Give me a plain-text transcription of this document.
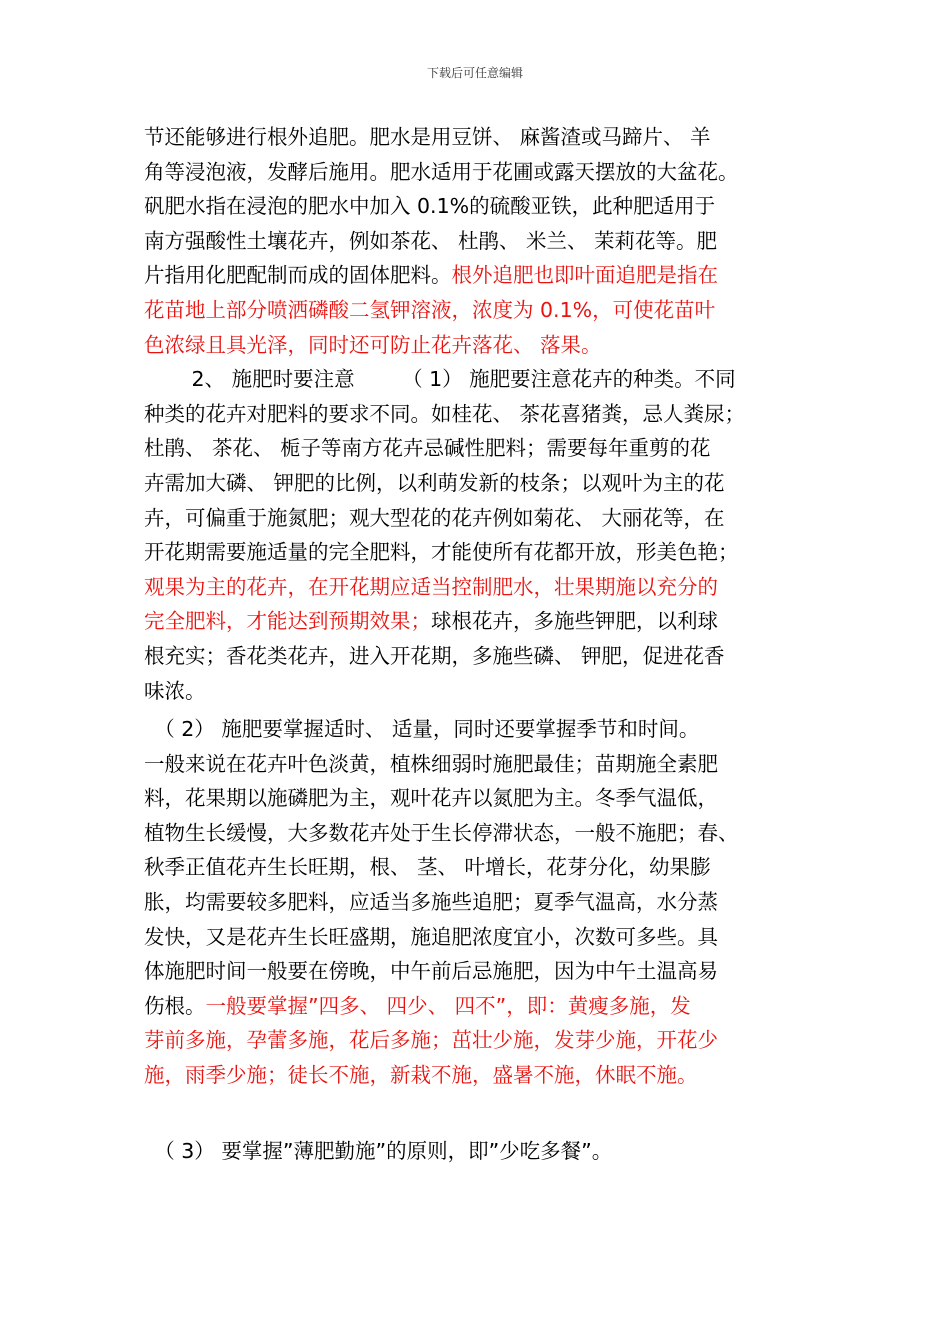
下载后可任意编辑
节还能够进行根外追肥。肥水是用豆饼、 麻酱渣或马蹄片、 羊
角等浸泡液，发酵后施用。肥水适用于花圃或露天摆放的大盆花。
矾肥水指在浸泡的肥水中加入 0.1%的硫酸亚铁，此种肥适用于
南方强酸性土壤花卉，例如茶花、 杜鹃、 米兰、 茉莉花等。肥
片指用化肥配制而成的固体肥料。根外追肥也即叶面追肥是指在
花苗地上部分喷洒磷酸二氢钾溶液，浓度为 0.1%，可使花苗叶
色浓绿且具光泽，同时还可防止花卉落花、 落果。
　　 2、 施肥时要注意　　 （ 1） 施肥要注意花卉的种类。不同
种类的花卉对肥料的要求不同。如桂花、 茶花喜猪粪，忌人粪尿；
杜鹃、 茶花、 栀子等南方花卉忌碱性肥料；需要每年重剪的花
卉需加大磷、 钾肥的比例，以利萌发新的枝条；以观叶为主的花
卉，可偏重于施氮肥；观大型花的花卉例如菊花、 大丽花等，在
开花期需要施适量的完全肥料，才能使所有花都开放，形美色艳；
观果为主的花卉，在开花期应适当控制肥水，壮果期施以充分的
完全肥料，才能达到预期效果；球根花卉，多施些钾肥，以利球
根充实；香花类花卉，进入开花期，多施些磷、 钾肥，促进花香
味浓。
　（ 2） 施肥要掌握适时、 适量，同时还要掌握季节和时间。
一般来说在花卉叶色淡黄，植株细弱时施肥最佳；苗期施全素肥
料，花果期以施磷肥为主，观叶花卉以氮肥为主。冬季气温低，
植物生长缓慢，大多数花卉处于生长停滞状态，一般不施肥；春、
秋季正值花卉生长旺期，根、 茎、 叶增长，花芽分化，幼果膨
胀，均需要较多肥料，应适当多施些追肥；夏季气温高，水分蒸
发快，又是花卉生长旺盛期，施追肥浓度宜小，次数可多些。具
体施肥时间一般要在傍晚，中午前后忌施肥，因为中午土温高易
伤根。一般要掌握”四多、 四少、 四不”，即：黄瘦多施，发
芽前多施，孕蕾多施，花后多施；茁壮少施，发芽少施，开花少
施，雨季少施；徒长不施，新栽不施，盛暑不施，休眠不施。
　（ 3） 要掌握”薄肥勤施”的原则，即”少吃多餐”。
